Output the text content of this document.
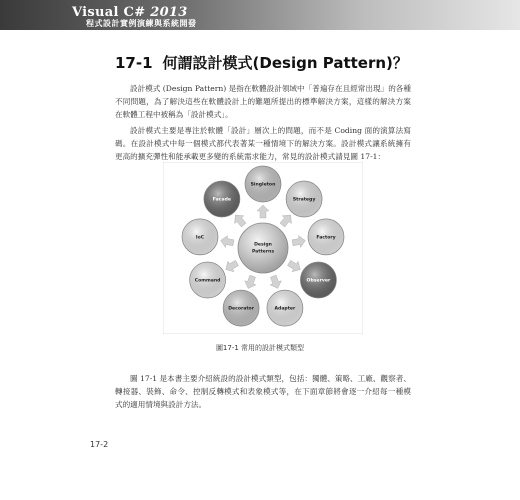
Visual C# 2013
程式設計實例演練與系統開發
17-1 何謂設計模式(Design Pattern)？

設計模式 (Design Pattern) 是指在軟體設計領域中「普遍存在且經常出現」的各種不同問題，為了解決這些在軟體設計上的難題所提出的標準解決方案，這樣的解決方案在軟體工程中被稱為「設計模式」。

設計模式主要是專注於軟體「設計」層次上的問題，而不是 Coding 面的演算法寫碼。在設計模式中每一個模式都代表著某一種情境下的解決方案。設計模式讓系統擁有更高的擴充彈性和能承載更多變的系統需求能力，常見的設計模式請見圖 17-1：

Singleton
Strategy
Factory
Observer
Adapter
Decorator
Command
IoC
Facade
Design
Patterns
圖17-1 常用的設計模式類型

圖 17-1 是本書主要介紹統設的設計模式類型，包括：獨體、策略、工廠、觀察者、轉接器、裝飾、命令、控制反轉模式和表象模式等，在下面章節將會逐一介紹每一種模式的適用情境與設計方法。

17-2
